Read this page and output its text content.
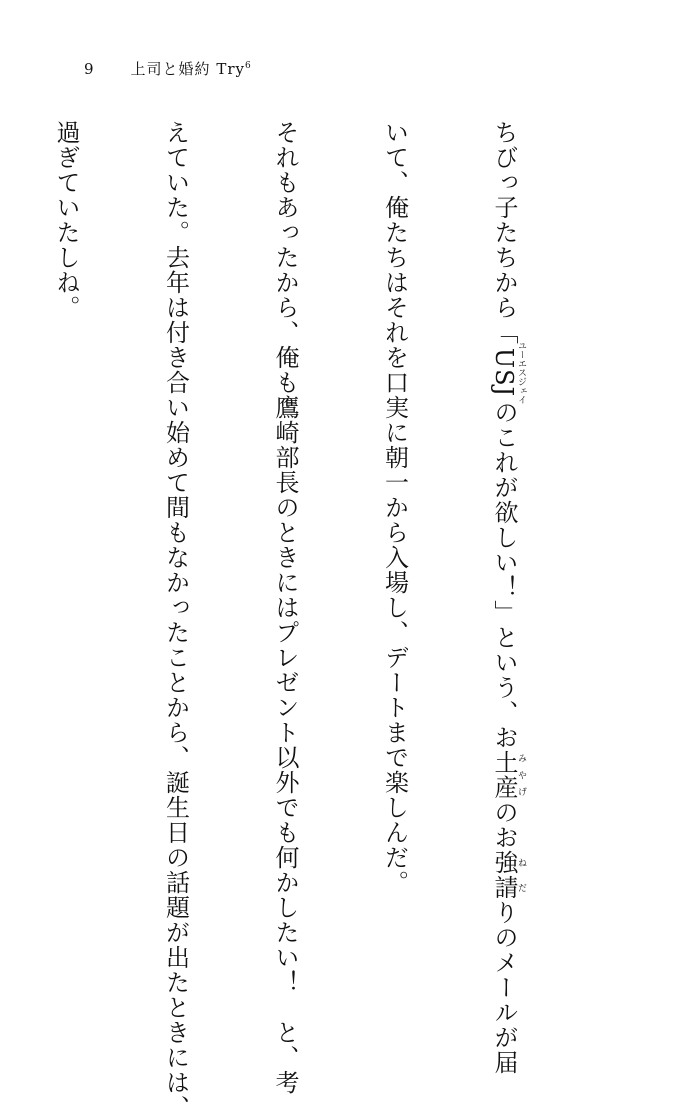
9 上司と婚約 Try$^6$

ちびっ子たちから「USJユーエスジェイのこれが欲しい！」という、お土産みやげのお強請ねだりのメールが届

いて、俺たちはそれを口実に朝一から入場し、デートまで楽しんだ。

それもあったから、俺も鷹崎部長のときにはプレゼント以外でも何かしたい！　と、考

えていた。去年は付き合い始めて間もなかったことから、誕生日の話題が出たときには、

過ぎていたしね。
